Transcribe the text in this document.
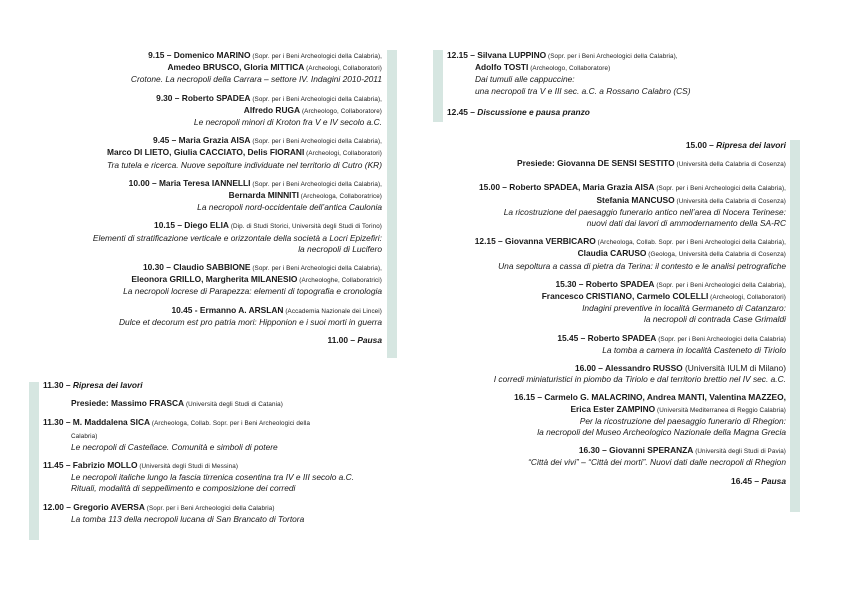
9.15 – Domenico MARINO (Sopr. per i Beni Archeologici della Calabria),
Amedeo BRUSCO, Gloria MITTICA (Archeologi, Collaboratori)
Crotone. La necropoli della Carrara – settore IV. Indagini 2010-2011
9.30 – Roberto SPADEA (Sopr. per i Beni Archeologici della Calabria),
Alfredo RUGA (Archeologo, Collaboratore)
Le necropoli minori di Kroton fra V e IV secolo a.C.
9.45 – Maria Grazia AISA (Sopr. per i Beni Archeologici della Calabria),
Marco DI LIETO, Giulia CACCIATO, Delis FIORANI (Archeologi, Collaboratori)
Tra tutela e ricerca. Nuove sepolture individuate nel territorio di Cutro (KR)
10.00 – Maria Teresa IANNELLI (Sopr. per i Beni Archeologici della Calabria),
Bernarda MINNITI (Archeologa, Collaboratrice)
La necropoli nord-occidentale dell’antica Caulonia
10.15 – Diego ELIA (Dip. di Studi Storici, Università degli Studi di Torino)
Elementi di stratificazione verticale e orizzontale della società a Locri Epizefiri:
la necropoli di Lucifero
10.30 – Claudio SABBIONE (Sopr. per i Beni Archeologici della Calabria),
Eleonora GRILLO, Margherita MILANESIO (Archeologhe, Collaboratrici)
La necropoli locrese di Parapezza: elementi di topografia e cronologia
10.45 - Ermanno A. ARSLAN (Accademia Nazionale dei Lincei)
Dulce et decorum est pro patria mori: Hipponion e i suoi morti in guerra
11.00 – Pausa
11.30 – Ripresa dei lavori
Presiede: Massimo FRASCA (Università degli Studi di Catania)
11.30 – M. Maddalena SICA (Archeologa, Collab. Sopr. per i Beni Archeologici della
Calabria)
Le necropoli di Castellace. Comunità e simboli di potere
11.45 – Fabrizio MOLLO (Università degli Studi di Messina)
Le necropoli italiche lungo la fascia tirrenica cosentina tra IV e III secolo a.C.
Rituali, modalità di seppellimento e composizione dei corredi
12.00 – Gregorio AVERSA (Sopr. per i Beni Archeologici della Calabria)
La tomba 113 della necropoli lucana di San Brancato di Tortora
12.15 – Silvana LUPPINO (Sopr. per i Beni Archeologici della Calabria),
Adolfo TOSTI (Archeologo, Collaboratore)
Dai tumuli alle cappuccine:
una necropoli tra V e III sec. a.C. a Rossano Calabro (CS)
12.45 – Discussione e pausa pranzo
15.00 – Ripresa dei lavori
Presiede: Giovanna DE SENSI SESTITO (Università della Calabria di Cosenza)
15.00 – Roberto SPADEA, Maria Grazia AISA (Sopr. per i Beni Archeologici della Calabria),
Stefania MANCUSO (Università della Calabria di Cosenza)
La ricostruzione del paesaggio funerario antico nell’area di Nocera Terinese:
nuovi dati dai lavori di ammodernamento della SA-RC
12.15 – Giovanna VERBICARO (Archeologa, Collab. Sopr. per i Beni Archeologici della Calabria),
Claudia CARUSO (Geologa, Università della Calabria di Cosenza)
Una sepoltura a cassa di pietra da Terina: il contesto e le analisi petrografiche
15.30 – Roberto SPADEA (Sopr. per i Beni Archeologici della Calabria),
Francesco CRISTIANO, Carmelo COLELLI (Archeologi, Collaboratori)
Indagini preventive in località Germaneto di Catanzaro:
la necropoli di contrada Case Grimaldi
15.45 – Roberto SPADEA (Sopr. per i Beni Archeologici della Calabria)
La tomba a camera in località Casteneto di Tiriolo
16.00 – Alessandro RUSSO (Università IULM di Milano)
I corredi miniaturistici in piombo da Tiriolo e dal territorio brettio nel IV sec. a.C.
16.15 – Carmelo G. MALACRINO, Andrea MANTI, Valentina MAZZEO,
Erica Ester ZAMPINO (Università Mediterranea di Reggio Calabria)
Per la ricostruzione del paesaggio funerario di Rhegion:
la necropoli del Museo Archeologico Nazionale della Magna Grecia
16.30 – Giovanni SPERANZA (Università degli Studi di Pavia)
“Città dei vivi” – “Città dei morti”. Nuovi dati dalle necropoli di Rhegion
16.45 – Pausa
